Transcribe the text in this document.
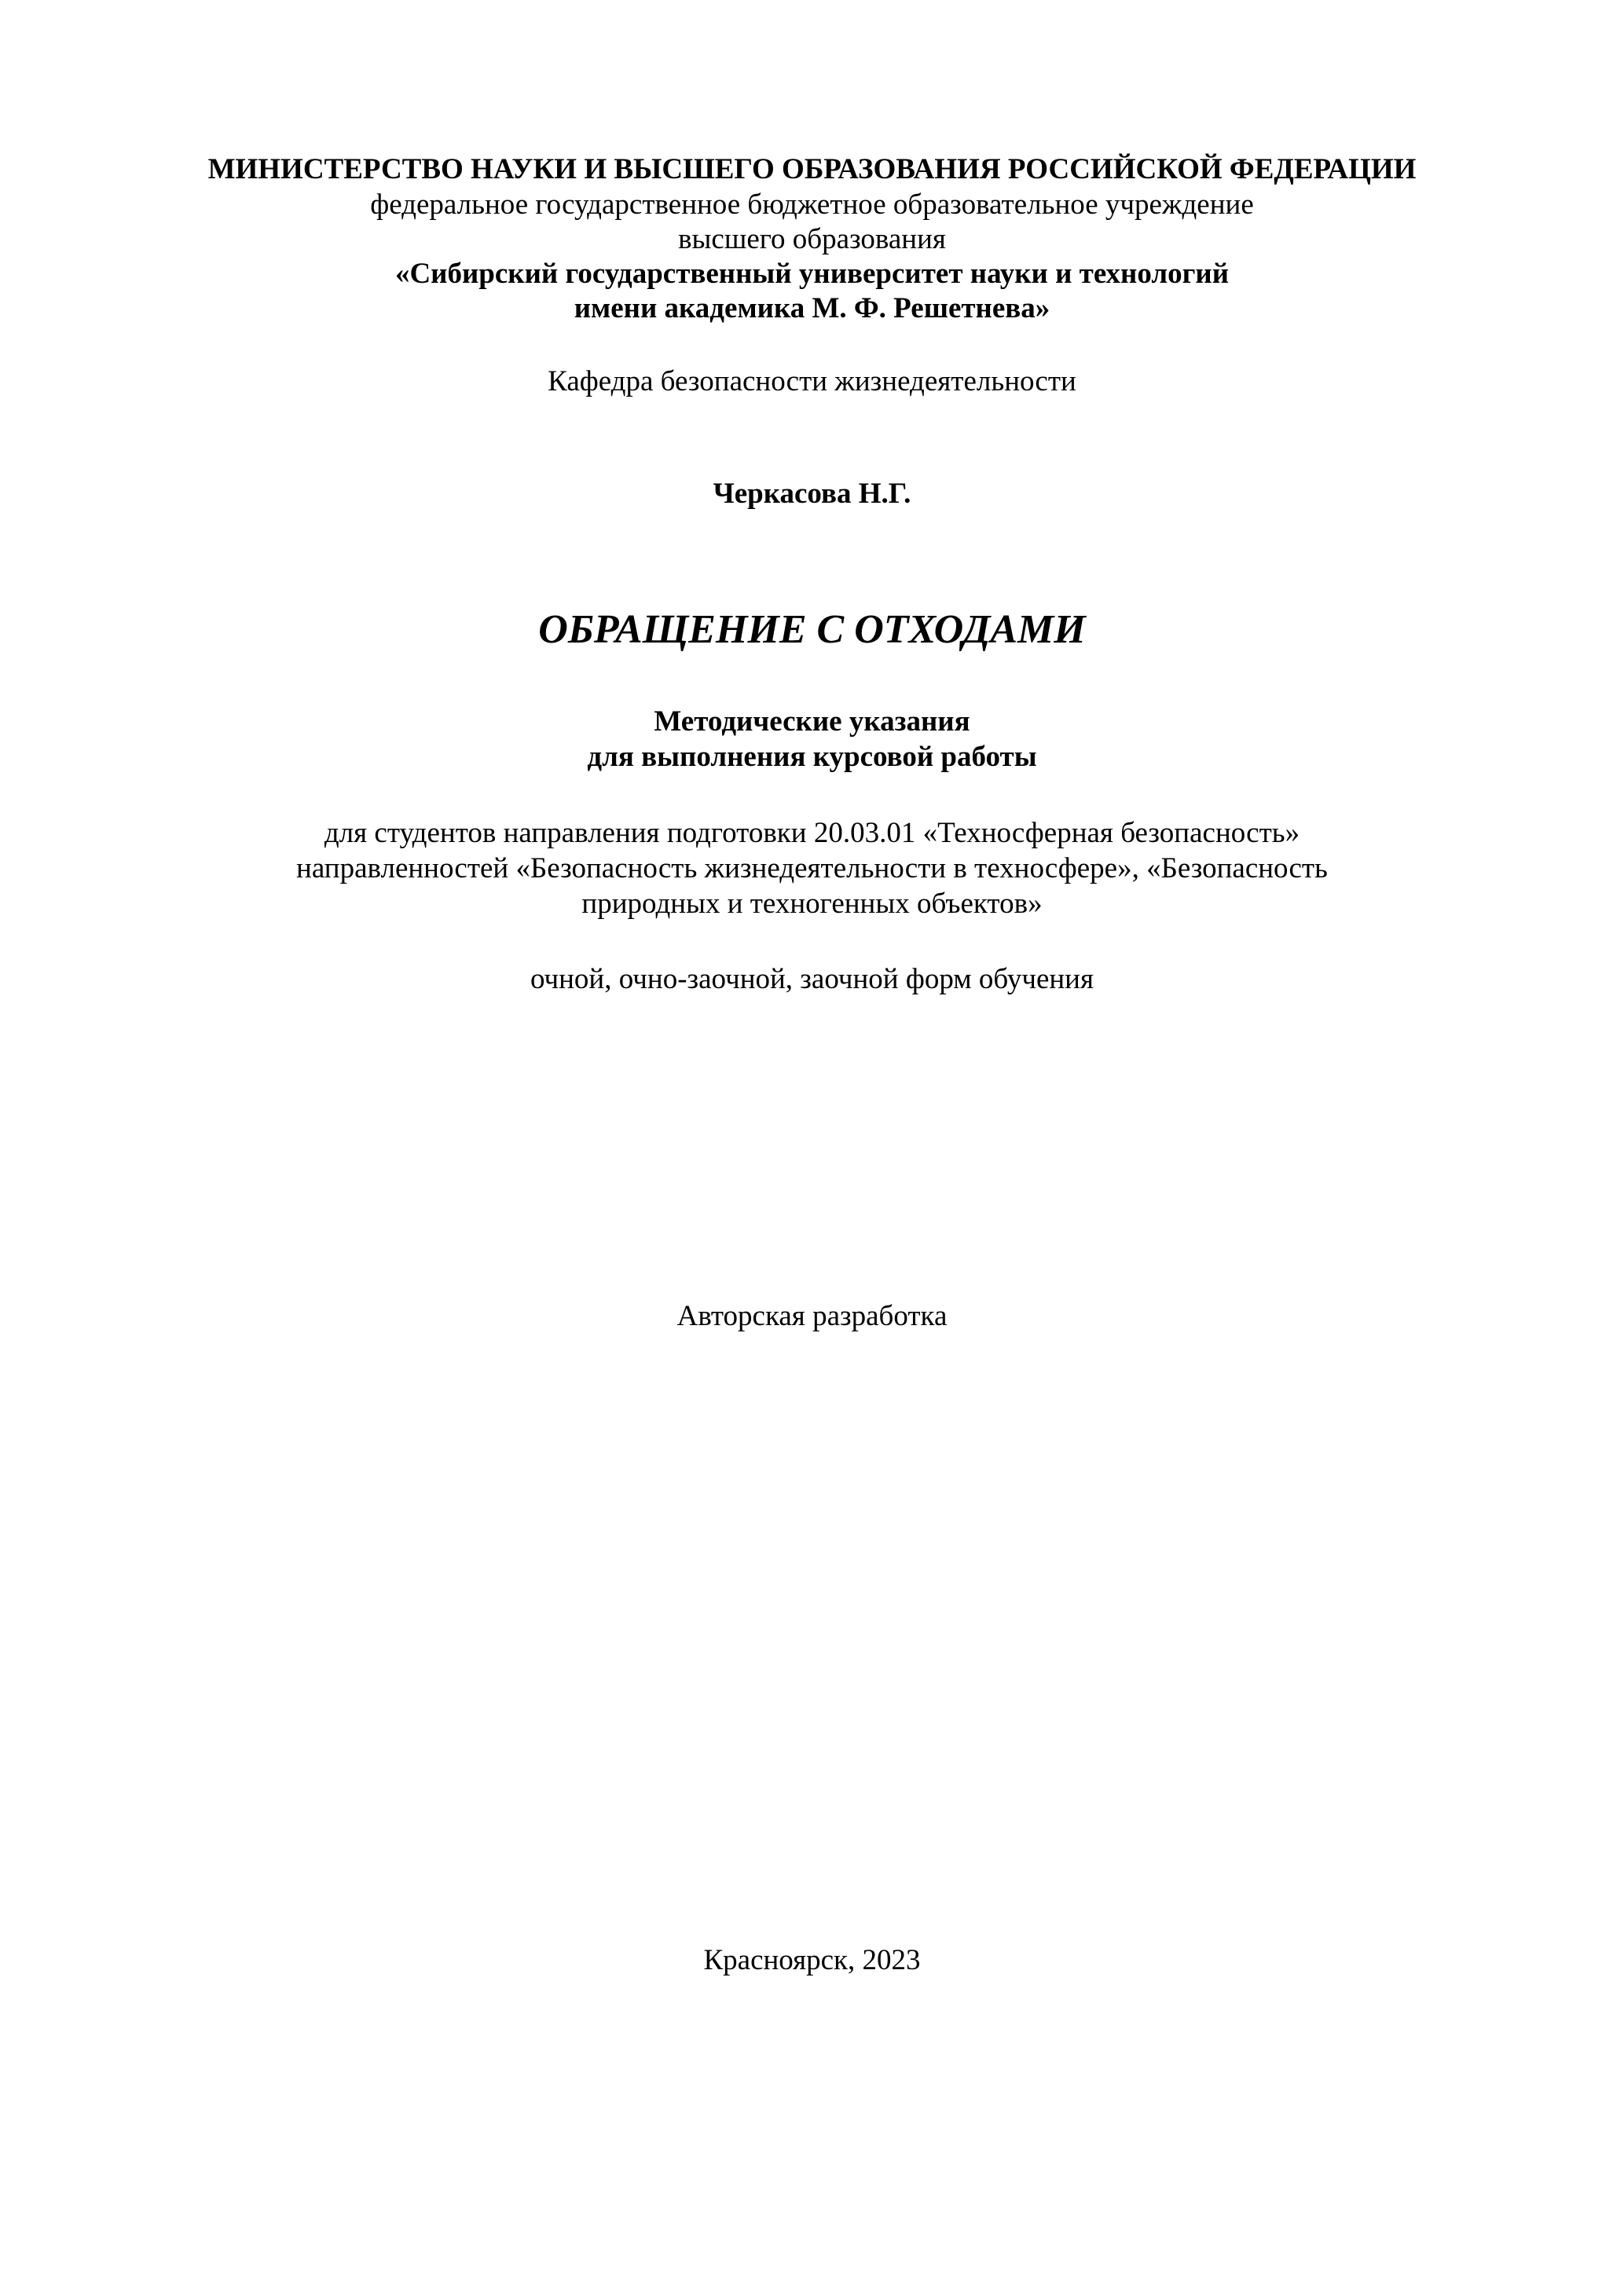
МИНИСТЕРСТВО НАУКИ И ВЫСШЕГО ОБРАЗОВАНИЯ РОССИЙСКОЙ ФЕДЕРАЦИИ
федеральное государственное бюджетное образовательное учреждение
высшего образования
«Сибирский государственный университет науки и технологий
имени академика М. Ф. Решетнева»
Кафедра безопасности жизнедеятельности
Черкасова Н.Г.
ОБРАЩЕНИЕ С ОТХОДАМИ
Методические указания
для выполнения курсовой работы
для студентов направления подготовки 20.03.01 «Техносферная безопасность»
направленностей «Безопасность жизнедеятельности в техносфере», «Безопасность
природных и техногенных объектов»
очной, очно-заочной, заочной форм обучения
Авторская разработка
Красноярск, 2023
